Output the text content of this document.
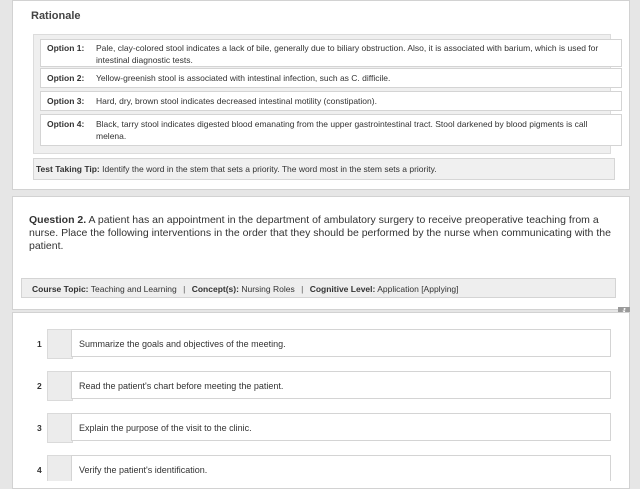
Rationale
Option 1: Pale, clay-colored stool indicates a lack of bile, generally due to biliary obstruction. Also, it is associated with barium, which is used for intestinal diagnostic tests.
Option 2: Yellow-greenish stool is associated with intestinal infection, such as C. difficile.
Option 3: Hard, dry, brown stool indicates decreased intestinal motility (constipation).
Option 4: Black, tarry stool indicates digested blood emanating from the upper gastrointestinal tract. Stool darkened by blood pigments is call melena.
Test Taking Tip: Identify the word in the stem that sets a priority. The word most in the stem sets a priority.
Question 2. A patient has an appointment in the department of ambulatory surgery to receive preoperative teaching from a nurse. Place the following interventions in the order that they should be performed by the nurse when communicating with the patient.
Course Topic: Teaching and Learning | Concept(s): Nursing Roles | Cognitive Level: Application [Applying]
1	Summarize the goals and objectives of the meeting.
2	Read the patient's chart before meeting the patient.
3	Explain the purpose of the visit to the clinic.
4	Verify the patient's identification.
